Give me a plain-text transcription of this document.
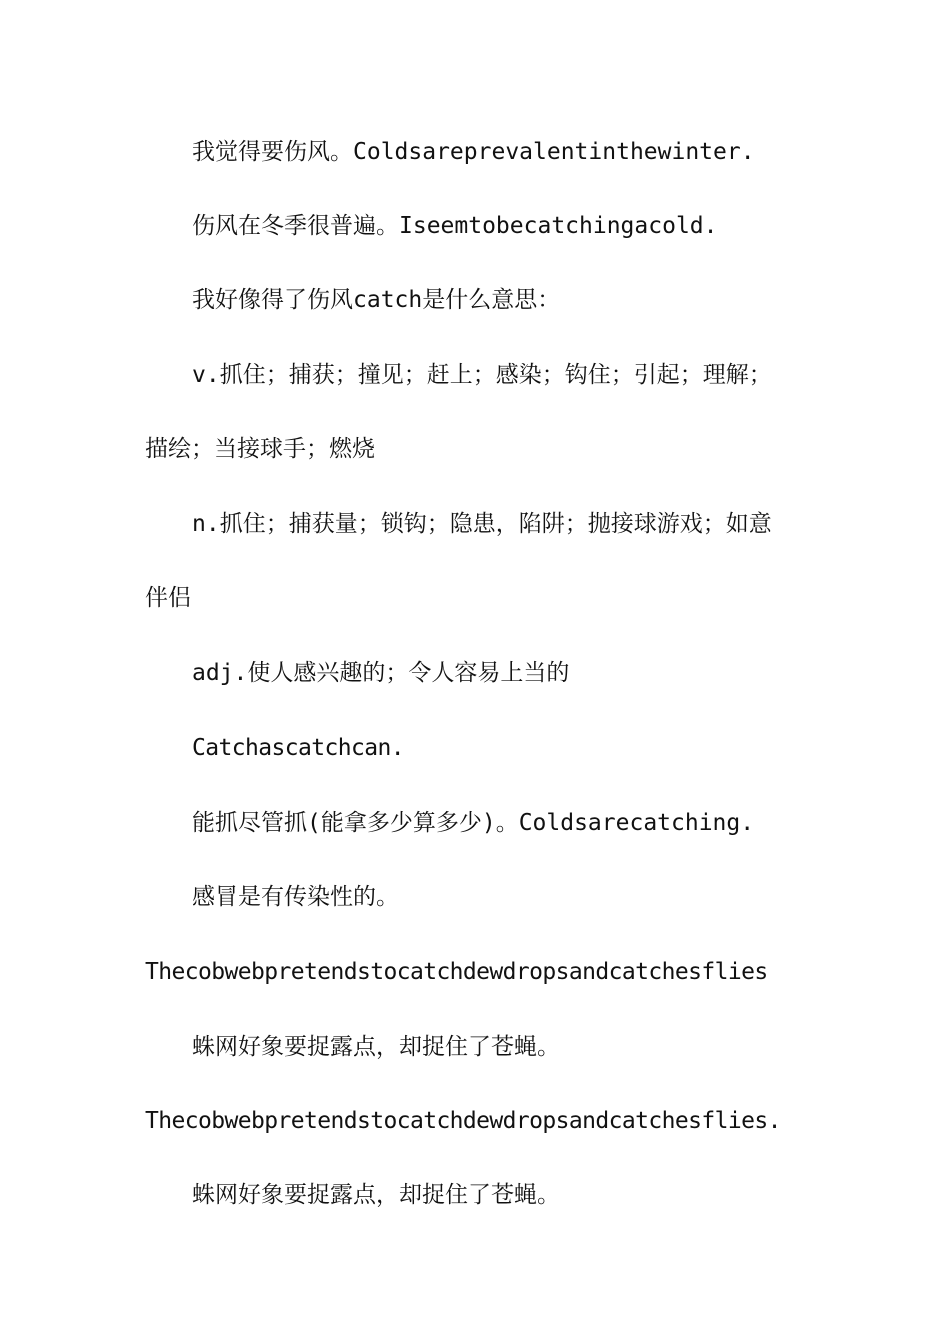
我觉得要伤风。Coldsareprevalentinthewinter.
伤风在冬季很普遍。Iseemtobecatchingacold.
我好像得了伤风catch是什么意思：
v.抓住；捕获；撞见；赶上；感染；钩住；引起；理解；
描绘；当接球手；燃烧
n.抓住；捕获量；锁钩；隐患，陷阱；抛接球游戏；如意
伴侣
adj.使人感兴趣的；令人容易上当的
Catchascatchcan.
能抓尽管抓(能拿多少算多少)。Coldsarecatching.
感冒是有传染性的。
Thecobwebpretendstocatchdewdropsandcatchesflies
蛛网好象要捉露点，却捉住了苍蝇。
Thecobwebpretendstocatchdewdropsandcatchesflies.
蛛网好象要捉露点，却捉住了苍蝇。
